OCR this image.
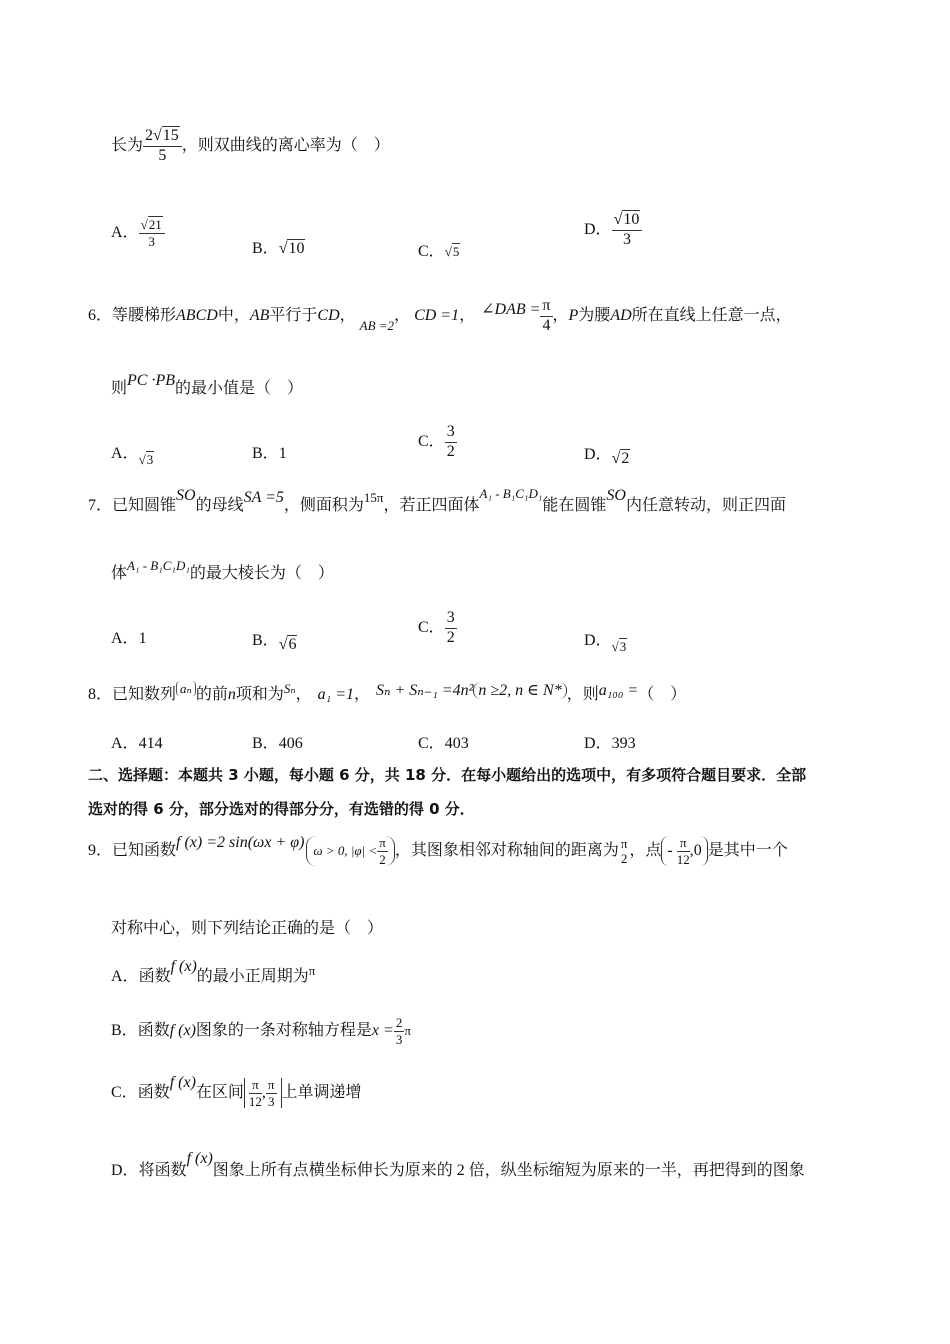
长为 $\frac{2√15}{5}$ ，则双曲线的离心率为（　）
A． $\frac{√21}{3}$
B．√10	C．√5
D． $\frac{√10}{3}$
6．等腰梯形ABCD中，AB平行于CD，$_{AB =2}$， CD =1， ∠DAB = $\frac{\pi}{4}$ ，P为腰AD所在直线上任意一点，
则PC ·PB的最小值是（　）
A．√3	B．1
C． $\frac{3}{2}$	D．√2
7．已知圆锥SO的母线SA =5，侧面积为$^{15\pi}$，若正四面体$^{A_1 - B_1C_1D_1}$能在圆锥SO内任意转动，则正四面
体$^{A_1 - B_1C_1D_1}$的最大棱长为（　）
A．1	B．√6
C． $\frac{3}{2}$	D．√3
8．已知数列 $^{a_n}$ 的前n项和为$^{S_n}$， a₁ =1， Sₙ + Sₙ₋₁ =4n² n ≥2, n ∈ N* ，则a₁₀₀ =（　）
A．414	B．406	C．403	D．393
二、选择题：本题共 3 小题，每小题 6 分，共 18 分．在每小题给出的选项中，有多项符合题目要求．全部
选对的得 6 分，部分选对的得部分分，有选错的得 0 分．
9．已知函数f (x) =2 sin(ωx + φ) ω > 0, $|\varphi| < \frac{\pi}{2}$ ，其图象相邻对称轴间的距离为 π
2 ，点 - $\frac{\pi}{12} ,0$ 是其中一个
对称中心，则下列结论正确的是（　）
A．函数f (x)的最小正周期为$^\pi$
B．函数f (x)图象的一条对称轴方程是$x = \frac{2}{3}$ π
C．函数f (x)在区间 $\frac{\pi}{12}$ , $\frac{\pi}{3}$ 上单调递增
D．将函数f (x)图象上所有点横坐标伸长为原来的 2 倍，纵坐标缩短为原来的一半，再把得到的图象
